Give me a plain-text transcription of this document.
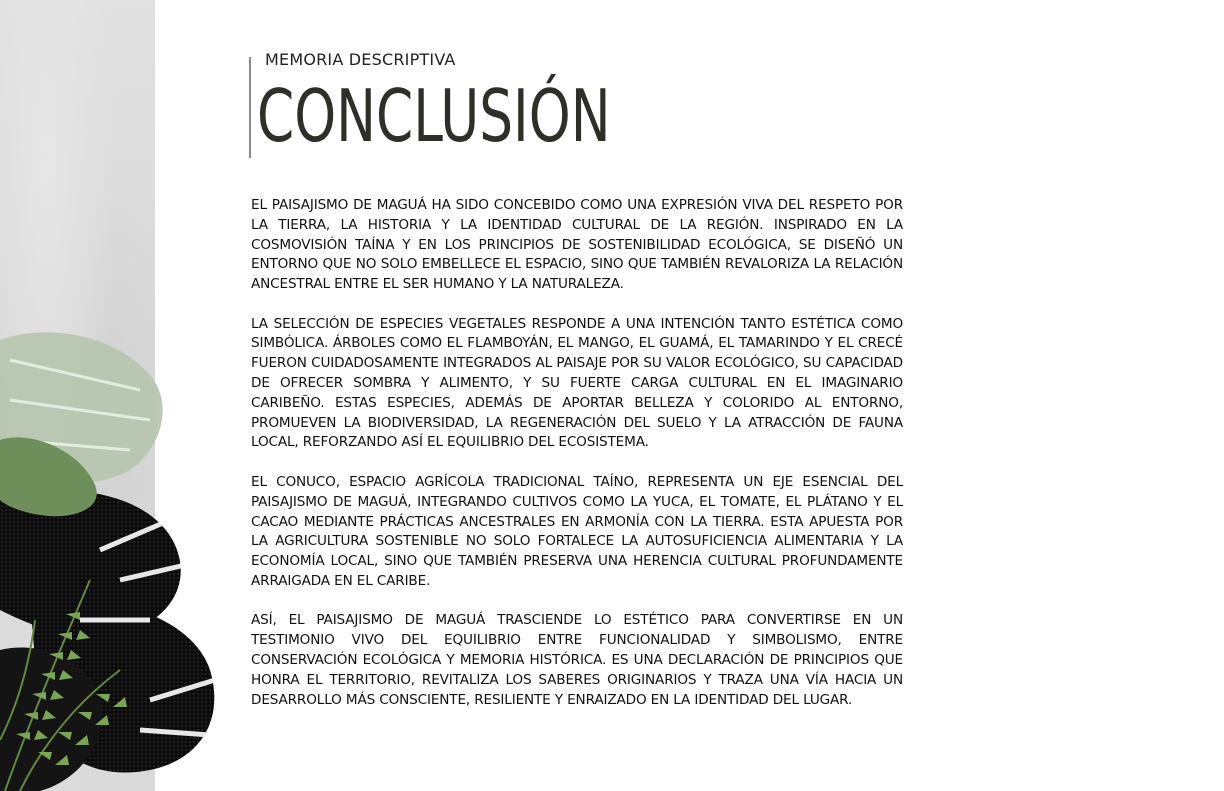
MEMORIA DESCRIPTIVA
CONCLUSIÓN

EL PAISAJISMO DE MAGUÁ HA SIDO CONCEBIDO COMO UNA EXPRESIÓN VIVA DEL RESPETO POR LA TIERRA, LA HISTORIA Y LA IDENTIDAD CULTURAL DE LA REGIÓN. INSPIRADO EN LA COSMOVISIÓN TAÍNA Y EN LOS PRINCIPIOS DE SOSTENIBILIDAD ECOLÓGICA, SE DISEÑÓ UN ENTORNO QUE NO SOLO EMBELLECE EL ESPACIO, SINO QUE TAMBIÉN REVALORIZA LA RELACIÓN ANCESTRAL ENTRE EL SER HUMANO Y LA NATURALEZA.

LA SELECCIÓN DE ESPECIES VEGETALES RESPONDE A UNA INTENCIÓN TANTO ESTÉTICA COMO SIMBÓLICA. ÁRBOLES COMO EL FLAMBOYÁN, EL MANGO, EL GUAMÁ, EL TAMARINDO Y EL CRECÉ FUERON CUIDADOSAMENTE INTEGRADOS AL PAISAJE POR SU VALOR ECOLÓGICO, SU CAPACIDAD DE OFRECER SOMBRA Y ALIMENTO, Y SU FUERTE CARGA CULTURAL EN EL IMAGINARIO CARIBEÑO. ESTAS ESPECIES, ADEMÁS DE APORTAR BELLEZA Y COLORIDO AL ENTORNO, PROMUEVEN LA BIODIVERSIDAD, LA REGENERACIÓN DEL SUELO Y LA ATRACCIÓN DE FAUNA LOCAL, REFORZANDO ASÍ EL EQUILIBRIO DEL ECOSISTEMA.

EL CONUCO, ESPACIO AGRÍCOLA TRADICIONAL TAÍNO, REPRESENTA UN EJE ESENCIAL DEL PAISAJISMO DE MAGUÁ, INTEGRANDO CULTIVOS COMO LA YUCA, EL TOMATE, EL PLÁTANO Y EL CACAO MEDIANTE PRÁCTICAS ANCESTRALES EN ARMONÍA CON LA TIERRA. ESTA APUESTA POR LA AGRICULTURA SOSTENIBLE NO SOLO FORTALECE LA AUTOSUFICIENCIA ALIMENTARIA Y LA ECONOMÍA LOCAL, SINO QUE TAMBIÉN PRESERVA UNA HERENCIA CULTURAL PROFUNDAMENTE ARRAIGADA EN EL CARIBE.

ASÍ, EL PAISAJISMO DE MAGUÁ TRASCIENDE LO ESTÉTICO PARA CONVERTIRSE EN UN TESTIMONIO VIVO DEL EQUILIBRIO ENTRE FUNCIONALIDAD Y SIMBOLISMO, ENTRE CONSERVACIÓN ECOLÓGICA Y MEMORIA HISTÓRICA. ES UNA DECLARACIÓN DE PRINCIPIOS QUE HONRA EL TERRITORIO, REVITALIZA LOS SABERES ORIGINARIOS Y TRAZA UNA VÍA HACIA UN DESARROLLO MÁS CONSCIENTE, RESILIENTE Y ENRAIZADO EN LA IDENTIDAD DEL LUGAR.
